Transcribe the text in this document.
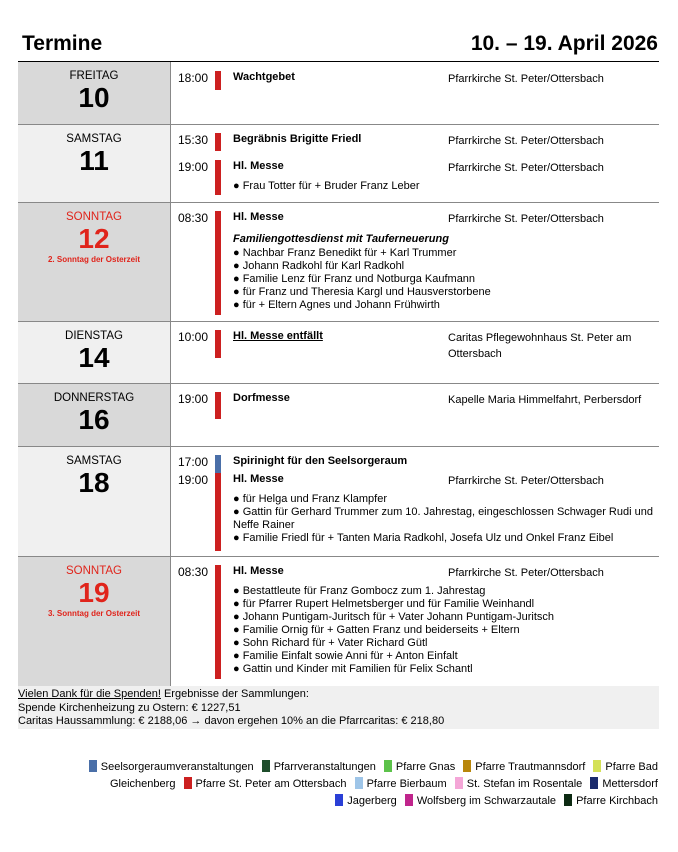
Termine	10. – 19. April 2026
FREITAG
10
18:00 Wachtgebet	Pfarrkirche St. Peter/Ottersbach
SAMSTAG
11
15:30 Begräbnis Brigitte Friedl	Pfarrkirche St. Peter/Ottersbach
19:00 Hl. Messe	Pfarrkirche St. Peter/Ottersbach
● Frau Totter für + Bruder Franz Leber
SONNTAG
12
2. Sonntag der Osterzeit
08:30 Hl. Messe	Pfarrkirche St. Peter/Ottersbach
Familiengottesdienst mit Tauferneuerung
● Nachbar Franz Benedikt für + Karl Trummer
● Johann Radkohl für Karl Radkohl
● Familie Lenz für Franz und Notburga Kaufmann
● für Franz und Theresia Kargl und Hausverstorbene
● für + Eltern Agnes und Johann Frühwirth
DIENSTAG
14
10:00 Hl. Messe entfällt	Caritas Pflegewohnhaus St. Peter am Ottersbach
DONNERSTAG
16
19:00 Dorfmesse	Kapelle Maria Himmelfahrt, Perbersdorf
SAMSTAG
18
17:00 Spirinight für den Seelsorgeraum
19:00 Hl. Messe	Pfarrkirche St. Peter/Ottersbach
● für Helga und Franz Klampfer
● Gattin für Gerhard Trummer zum 10. Jahrestag, eingeschlossen Schwager Rudi und Neffe Rainer
● Familie Friedl für + Tanten Maria Radkohl, Josefa Ulz und Onkel Franz Eibel
SONNTAG
19
3. Sonntag der Osterzeit
08:30 Hl. Messe	Pfarrkirche St. Peter/Ottersbach
● Bestattleute für Franz Gombocz zum 1. Jahrestag
● für Pfarrer Rupert Helmetsberger und für Familie Weinhandl
● Johann Puntigam-Juritsch für + Vater Johann Puntigam-Juritsch
● Familie Ornig für + Gatten Franz und beiderseits + Eltern
● Sohn Richard für + Vater Richard Gütl
● Familie Einfalt sowie Anni für + Anton Einfalt
● Gattin und Kinder mit Familien für Felix Schantl
Vielen Dank für die Spenden! Ergebnisse der Sammlungen:
Spende Kirchenheizung zu Ostern: € 1227,51
Caritas Haussammlung: € 2188,06 → davon ergehen 10% an die Pfarrcaritas: € 218,80
Seelsorgeraumveranstaltungen Pfarrveranstaltungen Pfarre Gnas Pfarre Trautmannsdorf Pfarre Bad Gleichenberg Pfarre St. Peter am Ottersbach Pfarre Bierbaum St. Stefan im Rosentale Mettersdorf Jagerberg Wolfsberg im Schwarzautale Pfarre Kirchbach
